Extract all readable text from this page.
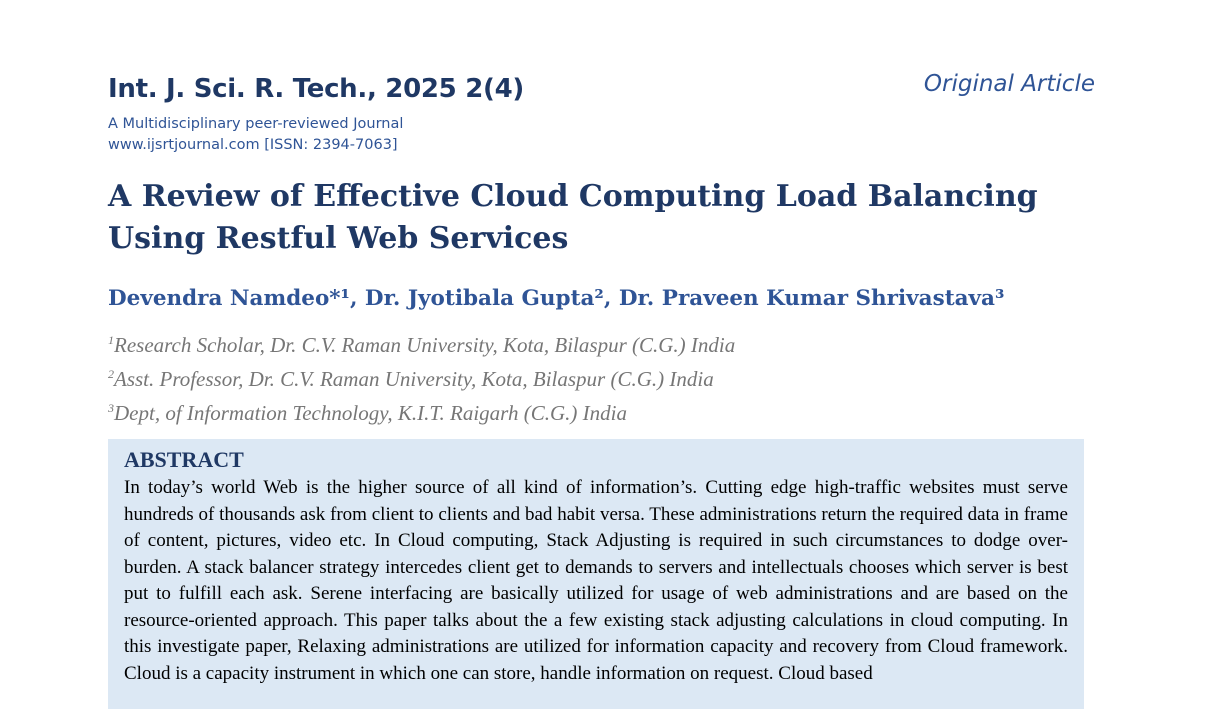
Int. J. Sci. R. Tech., 2025 2(4)	Original Article
A Multidisciplinary peer-reviewed Journal
www.ijsrtjournal.com [ISSN: 2394-7063]
A Review of Effective Cloud Computing Load Balancing Using Restful Web Services
Devendra Namdeo*¹, Dr. Jyotibala Gupta², Dr. Praveen Kumar Shrivastava³
$^1$Research Scholar, Dr. C.V. Raman University, Kota, Bilaspur (C.G.) India
$^2$Asst. Professor, Dr. C.V. Raman University, Kota, Bilaspur (C.G.) India
$^3$Dept, of Information Technology, K.I.T. Raigarh (C.G.) India
ABSTRACT
In today’s world Web is the higher source of all kind of information’s. Cutting edge high-traffic websites must serve hundreds of thousands ask from client to clients and bad habit versa. These administrations return the required data in frame of content, pictures, video etc. In Cloud computing, Stack Adjusting is required in such circumstances to dodge over-burden. A stack balancer strategy intercedes client get to demands to servers and intellectuals chooses which server is best put to fulfill each ask. Serene interfacing are basically utilized for usage of web administrations and are based on the resource-oriented approach. This paper talks about the a few existing stack adjusting calculations in cloud computing. In this investigate paper, Relaxing administrations are utilized for information capacity and recovery from Cloud framework. Cloud is a capacity instrument in which one can store, handle information on request. Cloud based
